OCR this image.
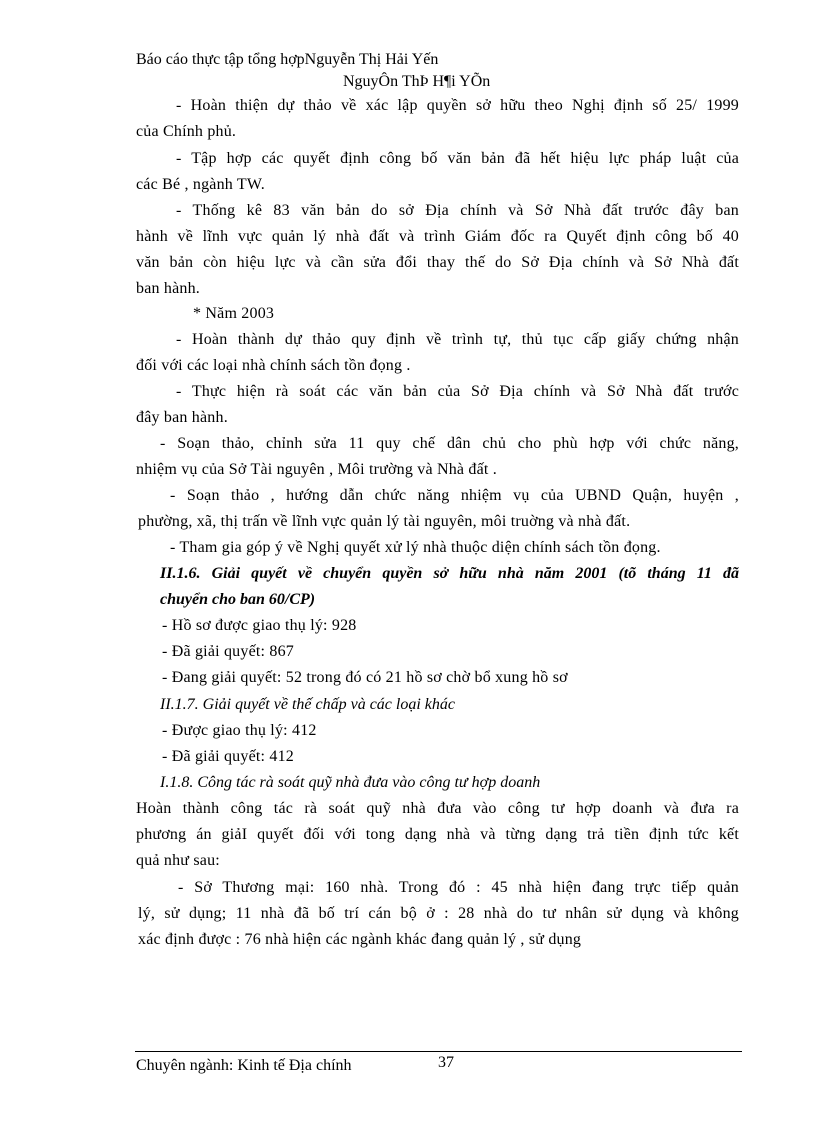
Báo cáo thực tập tổng hợpNguyễn Thị Hải Yến
NguyÔn ThÞ H¶i YÕn
- Hoàn thiện dự thảo về xác lập quyền sở hữu theo Nghị định số 25/ 1999
của Chính phủ.
- Tập hợp các quyết định công bố văn bản đã hết hiệu lực pháp luật của
các Bé , ngành TW.
- Thống kê 83 văn bản do sở Địa chính và Sở Nhà đất trước đây ban
hành về lĩnh vực quản lý nhà đất và trình Giám đốc ra Quyết định công bố 40
văn bản còn hiệu lực và cần sửa đổi thay thế do Sở Địa chính và Sở Nhà đất
ban hành.
* Năm 2003
- Hoàn thành dự thảo quy định về trình tự, thủ tục cấp giấy chứng nhận
đối với các loại nhà chính sách tồn đọng .
- Thực hiện rà soát các văn bản của Sở Địa chính và Sở Nhà đất trước
đây ban hành.
- Soạn thảo, chỉnh sửa 11 quy chế dân chủ cho phù hợp với chức năng,
nhiệm vụ của Sở Tài nguyên , Môi trường và Nhà đất .
- Soạn thảo , hướng dẫn chức năng nhiệm vụ của UBND Quận, huyện ,
phường, xã, thị trấn về lĩnh vực quản lý tài nguyên, môi truờng và nhà đất.
- Tham gia góp ý về Nghị quyết xử lý nhà thuộc diện chính sách tồn đọng.
II.1.6. Giải quyết về chuyển quyền sở hữu nhà năm 2001 (tõ tháng 11 đã
chuyển cho ban 60/CP)
- Hồ sơ được giao thụ lý: 928
- Đã giải quyết: 867
- Đang giải quyết: 52 trong đó có 21 hồ sơ chờ bổ xung hồ sơ
II.1.7. Giải quyết về thế chấp và các loại khác
- Được giao thụ lý: 412
- Đã giải quyết: 412
I.1.8. Công tác rà soát quỹ nhà đưa vào công tư hợp doanh
Hoàn thành công tác rà soát quỹ nhà đưa vào công tư hợp doanh và đưa ra
phương án giảI quyết đối với tong dạng nhà và từng dạng trả tiền định tức kết
quả như sau:
- Sở Thương mại: 160 nhà. Trong đó : 45 nhà hiện đang trực tiếp quản
lý, sử dụng; 11 nhà đã bố trí cán bộ ở : 28 nhà do tư nhân sử dụng và không
xác định được : 76 nhà hiện các ngành khác đang quản lý , sử dụng
Chuyên ngành: Kinh tế Địa chính	37
